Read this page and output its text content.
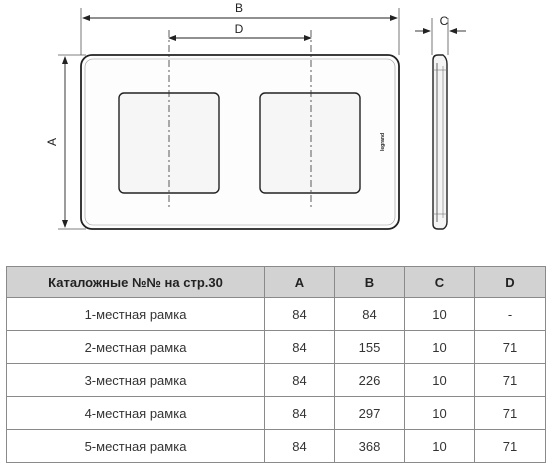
B
D
A
C
legrand
Каталожные №№ на стр.30	A	B	C	D
1-местная рамка	84	84	10	-
2-местная рамка	84	155	10	71
3-местная рамка	84	226	10	71
4-местная рамка	84	297	10	71
5-местная рамка	84	368	10	71
